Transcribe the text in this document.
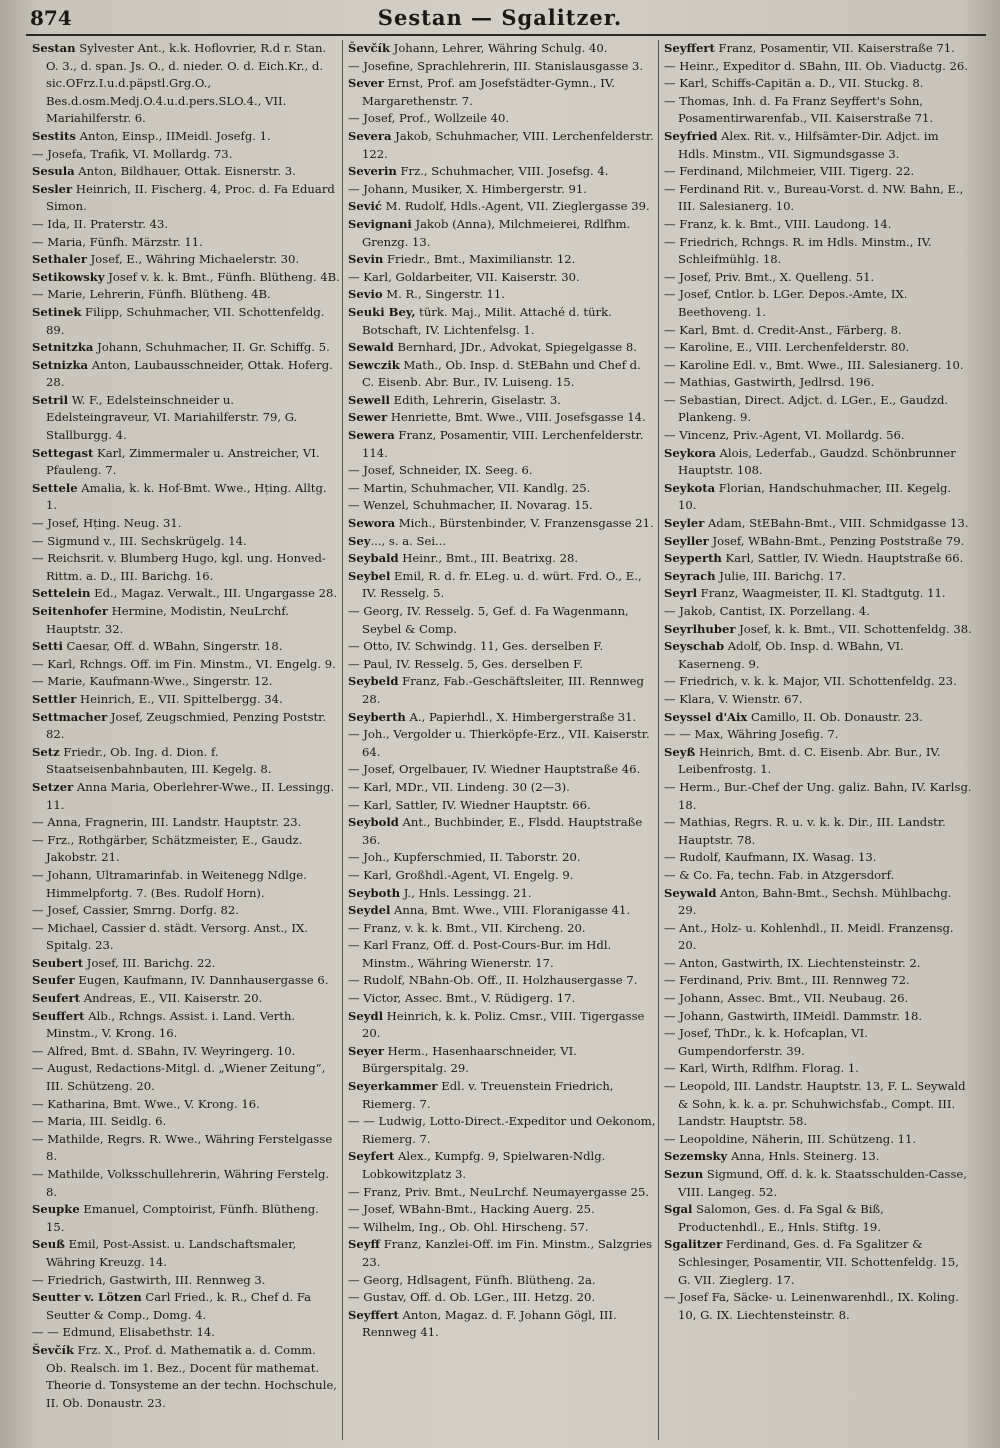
874	Sestan — Sgalitzer.

Sestan Sylvester Ant., k.k. Hoflovrier, R.d r. Stan. O. 3., d. span. Js. O., d. nieder. O. d. Eich.Kr., d. sic.OFrz.I.u.d.päpstl.Grg.O., Bes.d.osm.Medj.O.4.u.d.pers.SLO.4., VII. Mariahilferstr. 6.

Sestits Anton, Einsp., IIMeidl. Josefg. 1.

— Josefa, Trafik, VI. Mollardg. 73.

Sesula Anton, Bildhauer, Ottak. Eisnerstr. 3.

Sesler Heinrich, II. Fischerg. 4, Proc. d. Fa Eduard Simon.

— Ida, II. Praterstr. 43.

— Maria, Fünfh. Märzstr. 11.

Sethaler Josef, E., Währing Michaelerstr. 30.

Setikowsky Josef v. k. k. Bmt., Fünfh. Blütheng. 4B.

— Marie, Lehrerin, Fünfh. Blütheng. 4B.

Setinek Filipp, Schuhmacher, VII. Schottenfeldg. 89.

Setnitzka Johann, Schuhmacher, II. Gr. Schiffg. 5.

Setnizka Anton, Laubausschneider, Ottak. Hoferg. 28.

Setril W. F., Edelsteinschneider u. Edelsteingraveur, VI. Mariahilferstr. 79, G. Stallburgg. 4.

Settegast Karl, Zimmermaler u. Anstreicher, VI. Pfauleng. 7.

Settele Amalia, k. k. Hof-Bmt. Wwe., Hțing. Alltg. 1.

— Josef, Hțing. Neug. 31.

— Sigmund v., III. Sechskrügelg. 14.

— Reichsrit. v. Blumberg Hugo, kgl. ung. Honved-Rittm. a. D., III. Barichg. 16.

Settelein Ed., Magaz. Verwalt., III. Ungargasse 28.

Seitenhofer Hermine, Modistin, NeuLrchf. Hauptstr. 32.

Setti Caesar, Off. d. WBahn, Singerstr. 18.

— Karl, Rchngs. Off. im Fin. Minstm., VI. Engelg. 9.

— Marie, Kaufmann-Wwe., Singerstr. 12.

Settler Heinrich, E., VII. Spittelbergg. 34.

Settmacher Josef, Zeugschmied, Penzing Poststr. 82.

Setz Friedr., Ob. Ing. d. Dion. f. Staatseisenbahnbauten, III. Kegelg. 8.

Setzer Anna Maria, Oberlehrer-Wwe., II. Lessingg. 11.

— Anna, Fragnerin, III. Landstr. Hauptstr. 23.

— Frz., Rothgärber, Schätzmeister, E., Gaudz. Jakobstr. 21.

— Johann, Ultramarinfab. in Weitenegg Ndlge. Himmelpfortg. 7. (Bes. Rudolf Horn).

— Josef, Cassier, Smrng. Dorfg. 82.

— Michael, Cassier d. städt. Versorg. Anst., IX. Spitalg. 23.

Seubert Josef, III. Barichg. 22.

Seufer Eugen, Kaufmann, IV. Dannhausergasse 6.

Seufert Andreas, E., VII. Kaiserstr. 20.

Seuffert Alb., Rchngs. Assist. i. Land. Verth. Minstm., V. Krong. 16.

— Alfred, Bmt. d. SBahn, IV. Weyringerg. 10.

— August, Redactions-Mitgl. d. „Wiener Zeitung“, III. Schützeng. 20.

— Katharina, Bmt. Wwe., V. Krong. 16.

— Maria, III. Seidlg. 6.

— Mathilde, Regrs. R. Wwe., Währing Ferstelgasse 8.

— Mathilde, Volksschullehrerin, Währing Ferstelg. 8.

Seupke Emanuel, Comptoirist, Fünfh. Blütheng. 15.

Seuß Emil, Post-Assist. u. Landschaftsmaler, Währing Kreuzg. 14.

— Friedrich, Gastwirth, III. Rennweg 3.

Seutter v. Lötzen Carl Fried., k. R., Chef d. Fa Seutter & Comp., Domg. 4.

— — Edmund, Elisabethstr. 14.

Ševčík Frz. X., Prof. d. Mathematik a. d. Comm. Ob. Realsch. im 1. Bez., Docent für mathemat. Theorie d. Tonsysteme an der techn. Hochschule, II. Ob. Donaustr. 23.

Ševčík Johann, Lehrer, Währing Schulg. 40.

— Josefine, Sprachlehrerin, III. Stanislausgasse 3.

Sever Ernst, Prof. am Josefstädter-Gymn., IV. Margarethenstr. 7.

— Josef, Prof., Wollzeile 40.

Severa Jakob, Schuhmacher, VIII. Lerchenfelderstr. 122.

Severin Frz., Schuhmacher, VIII. Josefsg. 4.

— Johann, Musiker, X. Himbergerstr. 91.

Sević M. Rudolf, Hdls.-Agent, VII. Zieglergasse 39.

Sevignani Jakob (Anna), Milchmeierei, Rdlfhm. Grenzg. 13.

Sevin Friedr., Bmt., Maximilianstr. 12.

— Karl, Goldarbeiter, VII. Kaiserstr. 30.

Sevio M. R., Singerstr. 11.

Seuki Bey, türk. Maj., Milit. Attaché d. türk. Botschaft, IV. Lichtenfelsg. 1.

Sewald Bernhard, JDr., Advokat, Spiegelgasse 8.

Sewczik Math., Ob. Insp. d. StEBahn und Chef d. C. Eisenb. Abr. Bur., IV. Luiseng. 15.

Sewell Edith, Lehrerin, Giselastr. 3.

Sewer Henriette, Bmt. Wwe., VIII. Josefsgasse 14.

Sewera Franz, Posamentir, VIII. Lerchenfelderstr. 114.

— Josef, Schneider, IX. Seeg. 6.

— Martin, Schuhmacher, VII. Kandlg. 25.

— Wenzel, Schuhmacher, II. Novarag. 15.

Sewora Mich., Bürstenbinder, V. Franzensgasse 21.

Sey..., s. a. Sei...

Seybald Heinr., Bmt., III. Beatrixg. 28.

Seybel Emil, R. d. fr. ELeg. u. d. würt. Frd. O., E., IV. Resselg. 5.

— Georg, IV. Resselg. 5, Gef. d. Fa Wagenmann, Seybel & Comp.

— Otto, IV. Schwindg. 11, Ges. derselben F.

— Paul, IV. Resselg. 5, Ges. derselben F.

Seybeld Franz, Fab.-Geschäftsleiter, III. Rennweg 28.

Seyberth A., Papierhdl., X. Himbergerstraße 31.

— Joh., Vergolder u. Thierköpfe-Erz., VII. Kaiserstr. 64.

— Josef, Orgelbauer, IV. Wiedner Hauptstraße 46.

— Karl, MDr., VII. Lindeng. 30 (2—3).

— Karl, Sattler, IV. Wiedner Hauptstr. 66.

Seybold Ant., Buchbinder, E., Flsdd. Hauptstraße 36.

— Joh., Kupferschmied, II. Taborstr. 20.

— Karl, Großhdl.-Agent, VI. Engelg. 9.

Seyboth J., Hnls. Lessingg. 21.

Seydel Anna, Bmt. Wwe., VIII. Floranigasse 41.

— Franz, v. k. k. Bmt., VII. Kircheng. 20.

— Karl Franz, Off. d. Post-Cours-Bur. im Hdl. Minstm., Währing Wienerstr. 17.

— Rudolf, NBahn-Ob. Off., II. Holzhausergasse 7.

— Victor, Assec. Bmt., V. Rüdigerg. 17.

Seydl Heinrich, k. k. Poliz. Cmsr., VIII. Tigergasse 20.

Seyer Herm., Hasenhaarschneider, VI. Bürgerspitalg. 29.

Seyerkammer Edl. v. Treuenstein Friedrich, Riemerg. 7.

— — Ludwig, Lotto-Direct.-Expeditor und Oekonom, Riemerg. 7.

Seyfert Alex., Kumpfg. 9, Spielwaren-Ndlg. Lobkowitzplatz 3.

— Franz, Priv. Bmt., NeuLrchf. Neumayergasse 25.

— Josef, WBahn-Bmt., Hacking Auerg. 25.

— Wilhelm, Ing., Ob. Ohl. Hirscheng. 57.

Seyff Franz, Kanzlei-Off. im Fin. Minstm., Salzgries 23.

— Georg, Hdlsagent, Fünfh. Blütheng. 2a.

— Gustav, Off. d. Ob. LGer., III. Hetzg. 20.

Seyffert Anton, Magaz. d. F. Johann Gögl, III. Rennweg 41.

Seyffert Franz, Posamentir, VII. Kaiserstraße 71.

— Heinr., Expeditor d. SBahn, III. Ob. Viaductg. 26.

— Karl, Schiffs-Capitän a. D., VII. Stuckg. 8.

— Thomas, Inh. d. Fa Franz Seyffert's Sohn, Posamentirwarenfab., VII. Kaiserstraße 71.

Seyfried Alex. Rit. v., Hilfsämter-Dir. Adjct. im Hdls. Minstm., VII. Sigmundsgasse 3.

— Ferdinand, Milchmeier, VIII. Tigerg. 22.

— Ferdinand Rit. v., Bureau-Vorst. d. NW. Bahn, E., III. Salesianerg. 10.

— Franz, k. k. Bmt., VIII. Laudong. 14.

— Friedrich, Rchngs. R. im Hdls. Minstm., IV. Schleifmühlg. 18.

— Josef, Priv. Bmt., X. Quelleng. 51.

— Josef, Cntlor. b. LGer. Depos.-Amte, IX. Beethoveng. 1.

— Karl, Bmt. d. Credit-Anst., Färberg. 8.

— Karoline, E., VIII. Lerchenfelderstr. 80.

— Karoline Edl. v., Bmt. Wwe., III. Salesianerg. 10.

— Mathias, Gastwirth, Jedlrsd. 196.

— Sebastian, Direct. Adjct. d. LGer., E., Gaudzd. Plankeng. 9.

— Vincenz, Priv.-Agent, VI. Mollardg. 56.

Seykora Alois, Lederfab., Gaudzd. Schönbrunner Hauptstr. 108.

Seykota Florian, Handschuhmacher, III. Kegelg. 10.

Seyler Adam, StEBahn-Bmt., VIII. Schmidgasse 13.

Seyller Josef, WBahn-Bmt., Penzing Poststraße 79.

Seyperth Karl, Sattler, IV. Wiedn. Hauptstraße 66.

Seyrach Julie, III. Barichg. 17.

Seyrl Franz, Waagmeister, II. Kl. Stadtgutg. 11.

— Jakob, Cantist, IX. Porzellang. 4.

Seyrlhuber Josef, k. k. Bmt., VII. Schottenfeldg. 38.

Seyschab Adolf, Ob. Insp. d. WBahn, VI. Kaserneng. 9.

— Friedrich, v. k. k. Major, VII. Schottenfeldg. 23.

— Klara, V. Wienstr. 67.

Seyssel d'Aix Camillo, II. Ob. Donaustr. 23.

— — Max, Währing Josefig. 7.

Seyß Heinrich, Bmt. d. C. Eisenb. Abr. Bur., IV. Leibenfrostg. 1.

— Herm., Bur.-Chef der Ung. galiz. Bahn, IV. Karlsg. 18.

— Mathias, Regrs. R. u. v. k. k. Dir., III. Landstr. Hauptstr. 78.

— Rudolf, Kaufmann, IX. Wasag. 13.

— & Co. Fa, techn. Fab. in Atzgersdorf.

Seywald Anton, Bahn-Bmt., Sechsh. Mühlbachg. 29.

— Ant., Holz- u. Kohlenhdl., II. Meidl. Franzensg. 20.

— Anton, Gastwirth, IX. Liechtensteinstr. 2.

— Ferdinand, Priv. Bmt., III. Rennweg 72.

— Johann, Assec. Bmt., VII. Neubaug. 26.

— Johann, Gastwirth, IIMeidl. Dammstr. 18.

— Josef, ThDr., k. k. Hofcaplan, VI. Gumpendorferstr. 39.

— Karl, Wirth, Rdlfhm. Florag. 1.

— Leopold, III. Landstr. Hauptstr. 13, F. L. Seywald & Sohn, k. k. a. pr. Schuhwichsfab., Compt. III. Landstr. Hauptstr. 58.

— Leopoldine, Näherin, III. Schützeng. 11.

Sezemsky Anna, Hnls. Steinerg. 13.

Sezun Sigmund, Off. d. k. k. Staatsschulden-Casse, VIII. Langeg. 52.

Sgal Salomon, Ges. d. Fa Sgal & Biß, Productenhdl., E., Hnls. Stiftg. 19.

Sgalitzer Ferdinand, Ges. d. Fa Sgalitzer & Schlesinger, Posamentir, VII. Schottenfeldg. 15, G. VII. Zieglerg. 17.

— Josef Fa, Säcke- u. Leinenwarenhdl., IX. Koling. 10, G. IX. Liechtensteinstr. 8.
